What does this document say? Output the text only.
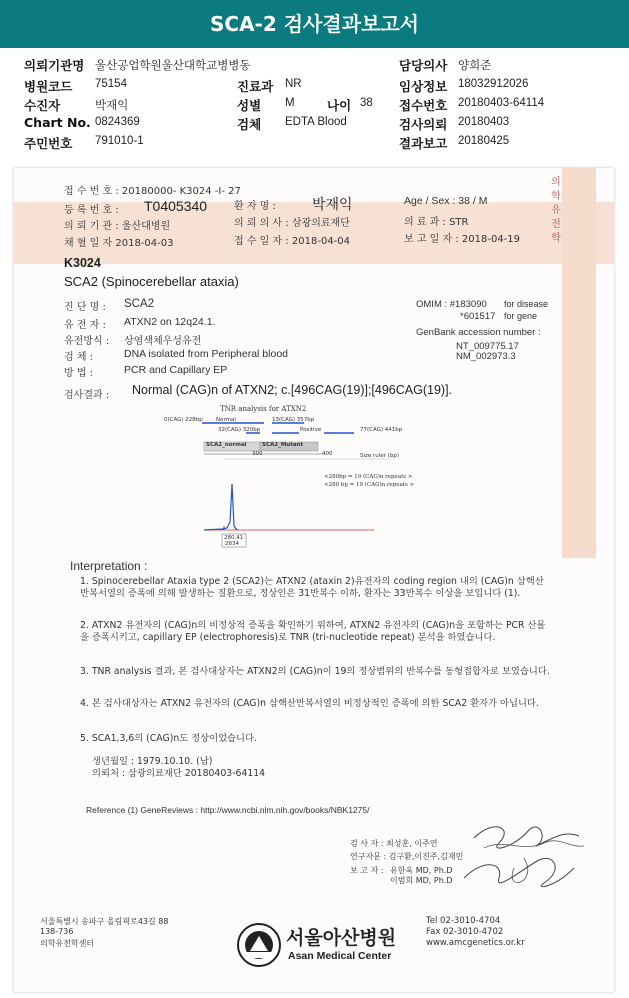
SCA-2 검사결과보고서
의뢰기관명 울산공업학원울산대학교병병동	담당의사 양희준
병원코드 75154	진료과 NR	임상정보 18032912026
수진자	박재익	성별 M	나이 38 접수번호 20180403-64114
Chart No. 0824369	검체 EDTA Blood	검사의뢰 20180403
주민번호 791010-1	결과보고 20180425
의
학
유
전
학
접 수 번 호 : 20180000- K3024 -I- 27
등 록 번 호 : T0405340	환 자 명 :	박재익	Age / Sex : 38 / M
의 뢰 기 관 : 울산대병원	의 뢰 의 사 : 삼광의료재단	의 료 과 : STR
채 혈 일 자 2018-04-03	접 수 일 자 : 2018-04-04	보 고 일 자 : 2018-04-19
K3024
SCA2 (Spinocerebellar ataxia)
진 단 명 : SCA2
유 전 자 : ATXN2 on 12q24.1.
유전방식 : 상염색체우성유전
검 체 :	DNA isolated from Peripheral blood
방 법 :	PCR and Capillary EP
OMIM : #183090 for disease
*601517 for gene
GenBank accession number :
NT_009775.17
NM_002973.3
검사결과 : Normal (CAG)n of ATXN2; c.[496CAG(19)];[496CAG(19)].
TNR analysis for ATXN2
0(CAG) 228bp Normal	13(CAG) 357bp
32(CAG) 320bp	Positive	77(CAG) 441bp
SCA2_normal	SCA2_Mutant
300	400	Size ruler (bp)
<280bp = 19 (CAG)n repeats >
<280 bp = 19 (CAG)n repeats >
280.41
2834
Interpretation :
1. Spinocerebellar Ataxia type 2 (SCA2)는 ATXN2 (ataxin 2)유전자의 coding region 내의 (CAG)n 삼핵산 반복서열의 증폭에 의해 발생하는 질환으로, 정상인은 31반복수 이하, 환자는 33반복수 이상을 보입니다 (1).
2. ATXN2 유전자의 (CAG)n의 비정상적 증폭을 확인하기 위하여, ATXN2 유전자의 (CAG)n을 포함하는 PCR 산물을 증폭시키고, capillary EP (electrophoresis)로 TNR (tri-nucleotide repeat) 분석을 하였습니다.
3. TNR analysis 결과, 본 검사대상자는 ATXN2의 (CAG)n이 19의 정상범위의 반복수를 동형접합자로 보였습니다.
4. 본 검사대상자는 ATXN2 유전자의 (CAG)n 삼핵산반복서열의 비정상적인 증폭에 의한 SCA2 환자가 아닙니다.
5. SCA1,3,6의 (CAG)n도 정상이었습니다.
생년월일 : 1979.10.10. (남)
의뢰처 : 삼광의료재단 20180403-64114
Reference (1) GeneReviews : http://www.ncbi.nlm.nih.gov/books/NBK1275/
검 사 자 : 최성훈, 이주연
연구자문 : 김구환,이진주,김재민
보 고 자 : 유한욱 MD, Ph.D
이범희 MD, Ph.D
서울특별시 송파구 올림픽로43길 88
138-736
의학유전학센터	서울아산병원
Asan Medical Center
Tel 02-3010-4704
Fax 02-3010-4702
www.amcgenetics.or.kr
